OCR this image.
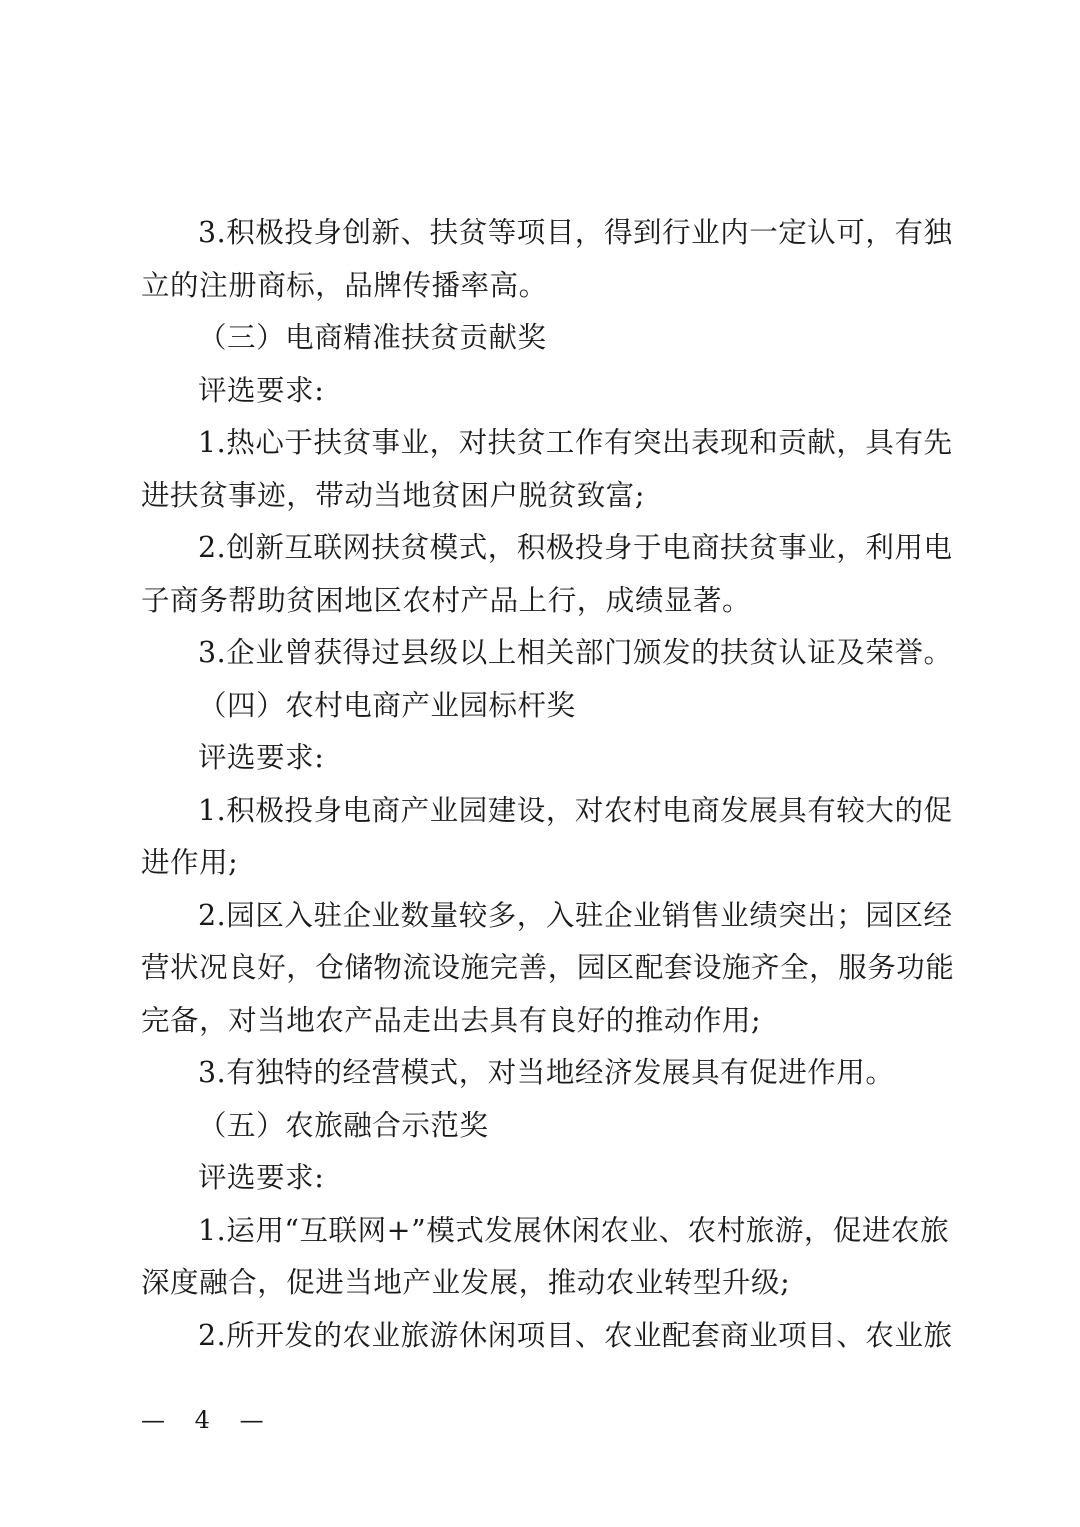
3.积极投身创新、扶贫等项目，得到行业内一定认可，有独
立的注册商标，品牌传播率高。
（三）电商精准扶贫贡献奖
评选要求:
1.热心于扶贫事业，对扶贫工作有突出表现和贡献，具有先
进扶贫事迹，带动当地贫困户脱贫致富;
2.创新互联网扶贫模式，积极投身于电商扶贫事业，利用电
子商务帮助贫困地区农村产品上行，成绩显著。
3.企业曾获得过县级以上相关部门颁发的扶贫认证及荣誉。
（四）农村电商产业园标杆奖
评选要求:
1.积极投身电商产业园建设，对农村电商发展具有较大的促
进作用;
2.园区入驻企业数量较多，入驻企业销售业绩突出；园区经
营状况良好，仓储物流设施完善，园区配套设施齐全，服务功能
完备，对当地农产品走出去具有良好的推动作用;
3.有独特的经营模式，对当地经济发展具有促进作用。
（五）农旅融合示范奖
评选要求:
1.运用“互联网+”模式发展休闲农业、农村旅游，促进农旅
深度融合，促进当地产业发展，推动农业转型升级;
2.所开发的农业旅游休闲项目、农业配套商业项目、农业旅
— 4 —
